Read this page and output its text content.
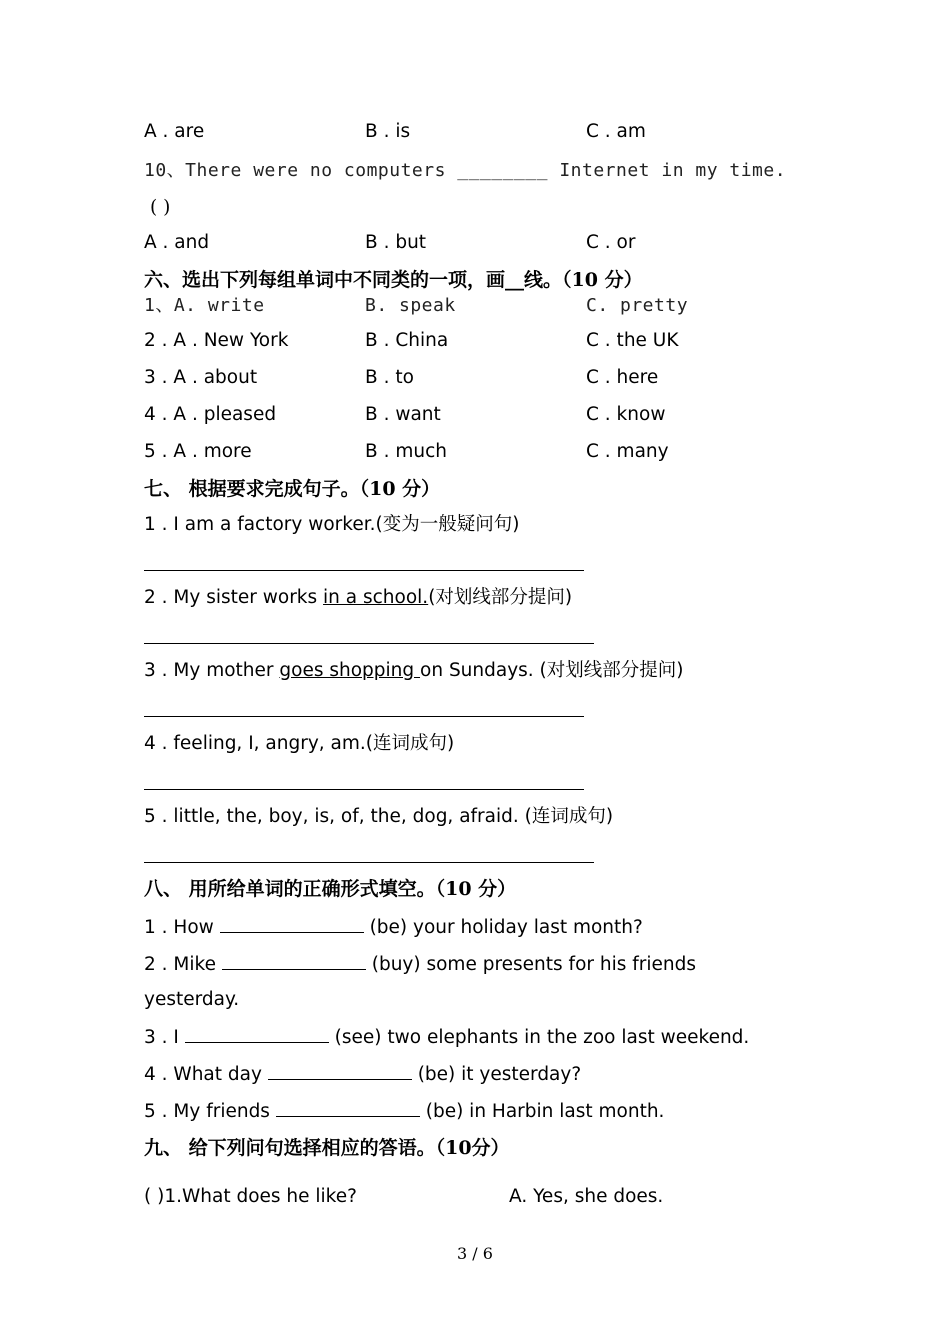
A . are	B . is	C . am
10、There were no computers ________ Internet in my time.
( )
A . and	B . but	C . or
六、选出下列每组单词中不同类的一项，画__线。（10 分）
1、A. write	B. speak	C. pretty
2 . A . New York	B . China	C . the UK
3 . A . about	B . to	C . here
4 . A . pleased	B . want	C . know
5 . A . more	B . much	C . many
七、 根据要求完成句子。（10 分）
1 . I am a factory worker.(变为一般疑问句)
2 . My sister works in a school.(对划线部分提问)
3 . My mother goes shopping on Sundays. (对划线部分提问)
4 . feeling, I, angry, am.(连词成句)
5 . little, the, boy, is, of, the, dog, afraid. (连词成句)
八、 用所给单词的正确形式填空。（10 分）
1 . How	(be) your holiday last month?
2 . Mike	(buy) some presents for his friends
yesterday.
3 . I	(see) two elephants in the zoo last weekend.
4 . What day	(be) it yesterday?
5 . My friends	(be) in Harbin last month.
九、 给下列问句选择相应的答语。（10分）
( )1.What does he like?	A. Yes, she does.
3 / 6
